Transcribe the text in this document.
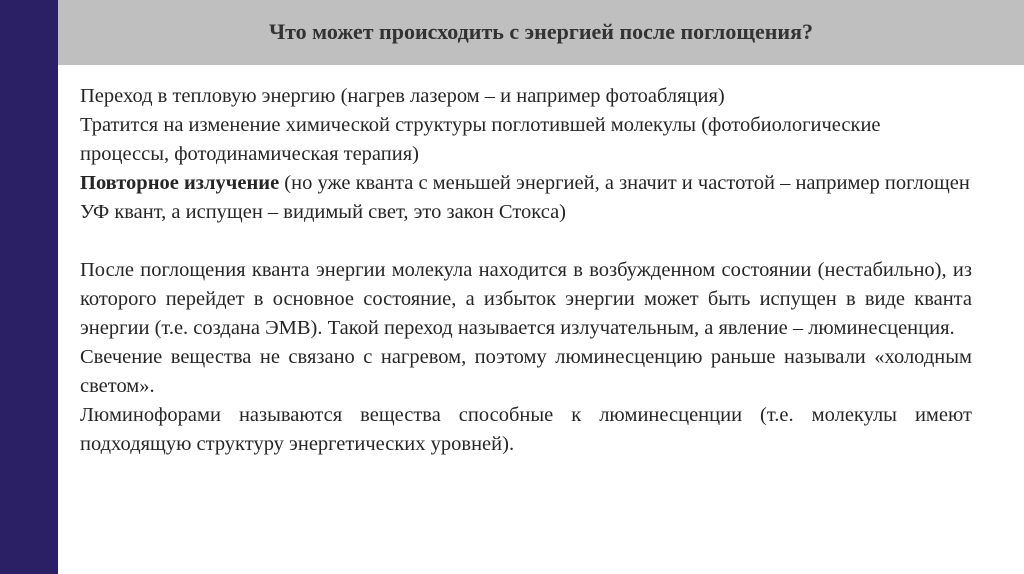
Что может происходить с энергией после поглощения?

Переход в тепловую энергию (нагрев лазером – и например фотоабляция)

Тратится на изменение химической структуры поглотившей молекулы (фотобиологические процессы, фотодинамическая терапия)

Повторное излучение (но уже кванта с меньшей энергией, а значит и частотой – например поглощен УФ квант, а испущен – видимый свет, это закон Стокса)

После поглощения кванта энергии молекула находится в возбужденном состоянии (нестабильно), из которого перейдет в основное состояние, а избыток энергии может быть испущен в виде кванта энергии (т.е. создана ЭМВ). Такой переход называется излучательным, а явление – люминесценция.

Свечение вещества не связано с нагревом, поэтому люминесценцию раньше называли «холодным светом».

Люминофорами называются вещества способные к люминесценции (т.е. молекулы имеют подходящую структуру энергетических уровней).
